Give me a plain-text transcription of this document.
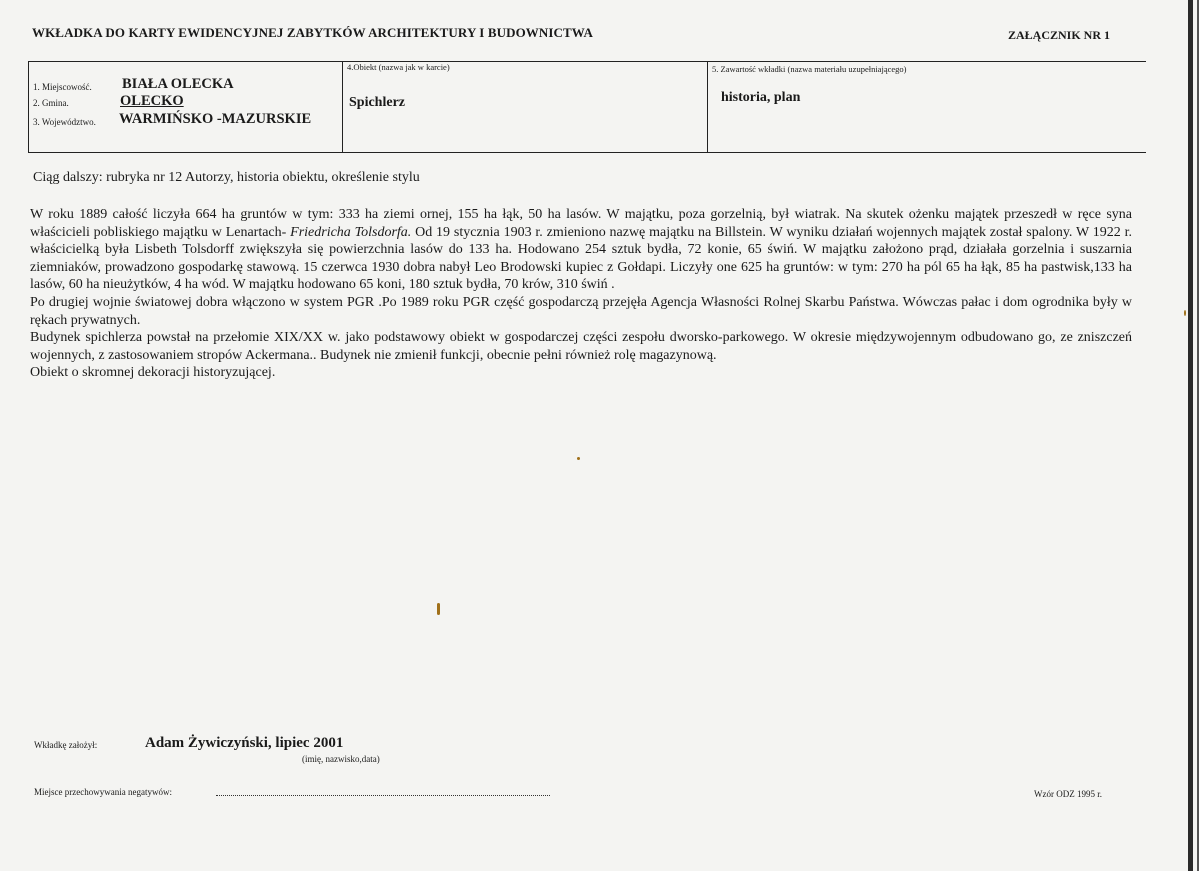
WKŁADKA DO KARTY EWIDENCYJNEJ ZABYTKÓW ARCHITEKTURY I BUDOWNICTWA	ZAŁĄCZNIK NR 1
1. Miejscowość. BIAŁA OLECKA
2. Gmina.	OLECKO
3. Województwo. WARMIŃSKO -MAZURSKIE
4.Obiekt (nazwa jak w karcie)
Spichlerz
5. Zawartość wkładki (nazwa materiału uzupełniającego)
historia, plan
Ciąg dalszy: rubryka nr 12 Autorzy, historia obiektu, określenie stylu

W roku 1889 całość liczyła 664 ha gruntów w tym: 333 ha ziemi ornej, 155 ha łąk, 50 ha lasów. W majątku, poza gorzelnią, był wiatrak. Na skutek ożenku majątek przeszedł w ręce syna właścicieli pobliskiego majątku w Lenartach- Friedricha Tolsdorfa. Od 19 stycznia 1903 r. zmieniono nazwę majątku na Billstein. W wyniku działań wojennych majątek został spalony. W 1922 r. właścicielką była Lisbeth Tolsdorff zwiększyła się powierzchnia lasów do 133 ha. Hodowano 254 sztuk bydła, 72 konie, 65 świń. W majątku założono prąd, działała gorzelnia i suszarnia ziemniaków, prowadzono gospodarkę stawową. 15 czerwca 1930 dobra nabył Leo Brodowski kupiec z Gołdapi. Liczyły one 625 ha gruntów: w tym: 270 ha pól 65 ha łąk, 85 ha pastwisk,133 ha lasów, 60 ha nieużytków, 4 ha wód. W majątku hodowano 65 koni, 180 sztuk bydła, 70 krów, 310 świń .

Po drugiej wojnie światowej dobra włączono w system PGR .Po 1989 roku PGR część gospodarczą przejęła Agencja Własności Rolnej Skarbu Państwa. Wówczas pałac i dom ogrodnika były w rękach prywatnych.

Budynek spichlerza powstał na przełomie XIX/XX w. jako podstawowy obiekt w gospodarczej części zespołu dworsko-parkowego. W okresie międzywojennym odbudowano go, ze zniszczeń wojennych, z zastosowaniem stropów Ackermana.. Budynek nie zmienił funkcji, obecnie pełni również rolę magazynową.

Obiekt o skromnej dekoracji historyzującej.

Wkładkę założył:	Adam Żywiczyński, lipiec 2001
(imię, nazwisko,data)
Miejsce przechowywania negatywów:	Wzór ODZ 1995 r.
